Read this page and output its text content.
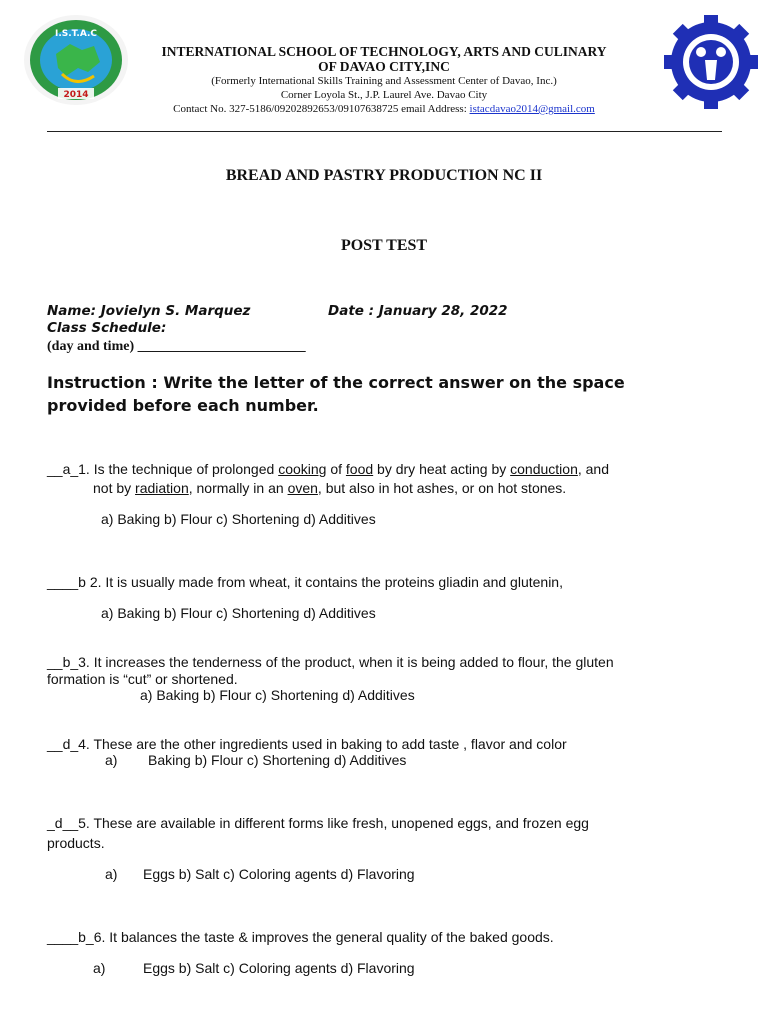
I.S.T.A.C
2014
INTERNATIONAL SCHOOL OF TECHNOLOGY, ARTS AND CULINARY
OF DAVAO CITY,INC
(Formerly International Skills Training and Assessment Center of Davao, Inc.)
Corner Loyola St., J.P. Laurel Ave. Davao City
Contact No. 327-5186/09202892653/09107638725 email Address: istacdavao2014@gmail.com
BREAD AND PASTRY PRODUCTION NC II
POST TEST
Name: Jovielyn S. Marquez	Date : January 28, 2022
Class Schedule:
(day and time) ________________________
Instruction : Write the letter of the correct answer on the space
provided before each number.
__a_1. Is the technique of prolonged cooking of food by dry heat acting by conduction, and
not by radiation, normally in an oven, but also in hot ashes, or on hot stones.
a) Baking b) Flour c) Shortening d) Additives
____b 2. It is usually made from wheat, it contains the proteins gliadin and glutenin,
a) Baking b) Flour c) Shortening d) Additives
__b_3. It increases the tenderness of the product, when it is being added to flour, the gluten
formation is “cut” or shortened.
a) Baking b) Flour c) Shortening d) Additives
__d_4. These are the other ingredients used in baking to add taste , flavor and color
a) Baking b) Flour c) Shortening d) Additives
_d__5. These are available in different forms like fresh, unopened eggs, and frozen egg
products.
a) Eggs b) Salt c) Coloring agents d) Flavoring
____b_6. It balances the taste & improves the general quality of the baked goods.
a)	Eggs b) Salt c) Coloring agents d) Flavoring
